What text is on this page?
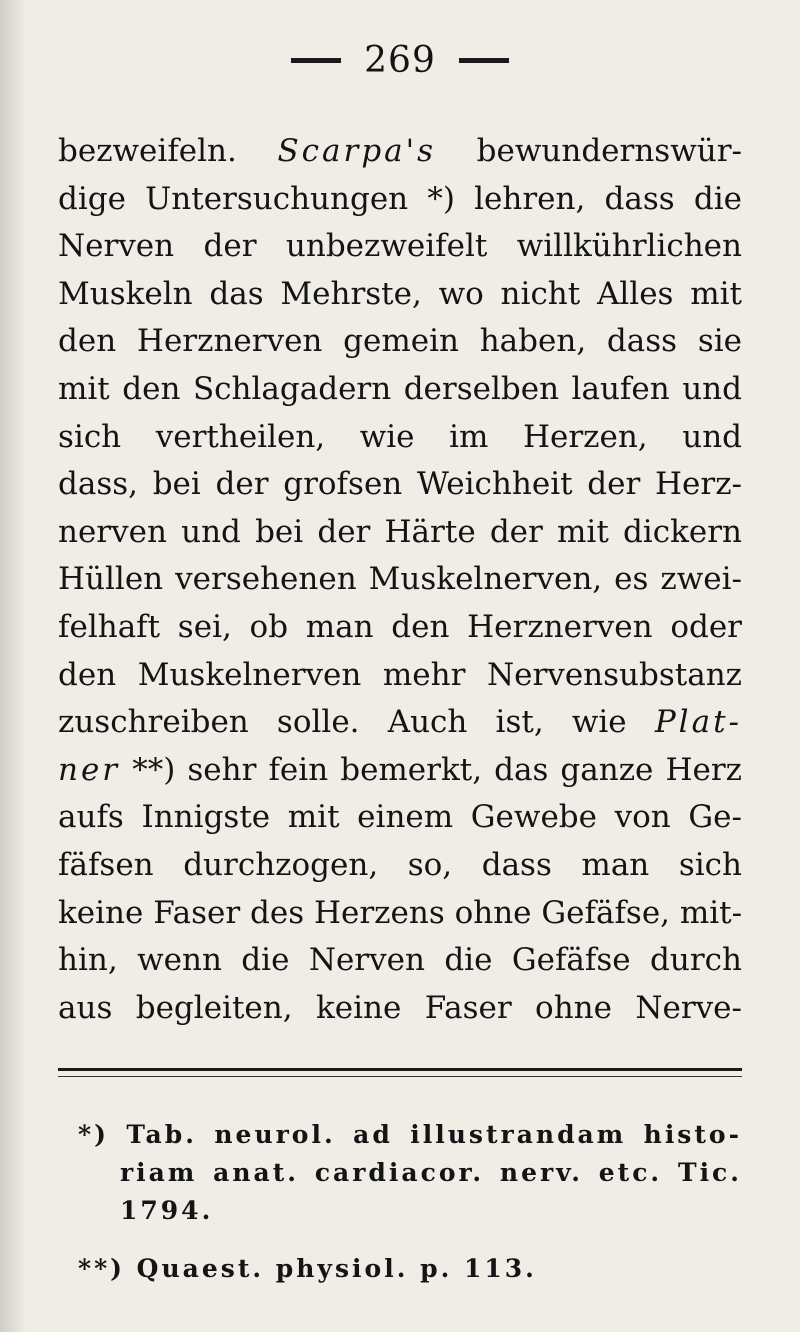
269
bezweifeln. Scarpa's bewundernswür-
dige Untersuchungen *) lehren, dass die
Nerven der unbezweifelt willkührlichen
Muskeln das Mehrste, wo nicht Alles mit
den Herznerven gemein haben, dass sie
mit den Schlagadern derselben laufen und
sich vertheilen, wie im Herzen, und
dass, bei der grofsen Weichheit der Herz-
nerven und bei der Härte der mit dickern
Hüllen versehenen Muskelnerven, es zwei-
felhaft sei, ob man den Herznerven oder
den Muskelnerven mehr Nervensubstanz
zuschreiben solle. Auch ist, wie Plat-
ner **) sehr fein bemerkt, das ganze Herz
aufs Innigste mit einem Gewebe von Ge-
fäfsen durchzogen, so, dass man sich
keine Faser des Herzens ohne Gefäfse, mit-
hin, wenn die Nerven die Gefäfse durch
aus begleiten, keine Faser ohne Nerve-
*) Tab. neurol. ad illustrandam histo-
riam anat. cardiacor. nerv. etc. Tic.
1794.
**) Quaest. physiol. p. 113.
